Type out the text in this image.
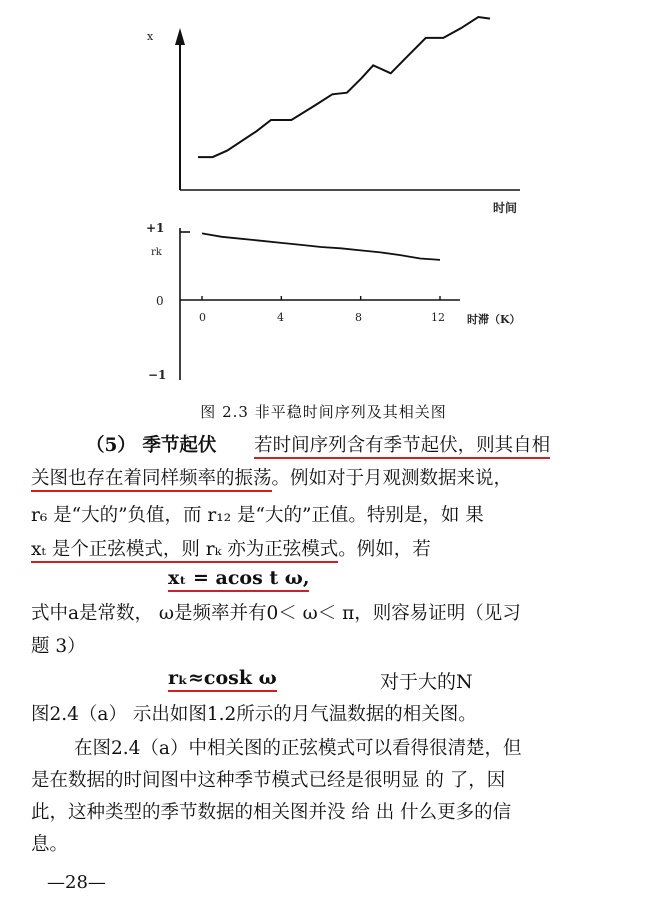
x
时间
+1
rk
0
−1
0	4	8	12 时滞（K）
图 2.3 非平稳时间序列及其相关图
（5） 季节起伏 若时间序列含有季节起伏，则其自相
关图也存在着同样频率的振荡。例如对于月观测数据来说，
r₆ 是“大的”负值，而 r₁₂ 是“大的”正值。特别是，如 果
xₜ 是个正弦模式，则 rₖ 亦为正弦模式。例如，若
xₜ = acos t ω,
式中a是常数， ω是频率并有0＜ ω＜ π，则容易证明（见习
题 3）
rₖ≈cosk ω	对于大的N
图2.4（a） 示出如图1.2所示的月气温数据的相关图。
在图2.4（a）中相关图的正弦模式可以看得很清楚，但
是在数据的时间图中这种季节模式已经是很明显 的 了，因
此，这种类型的季节数据的相关图并没 给 出 什么更多的信
息。
—28—
